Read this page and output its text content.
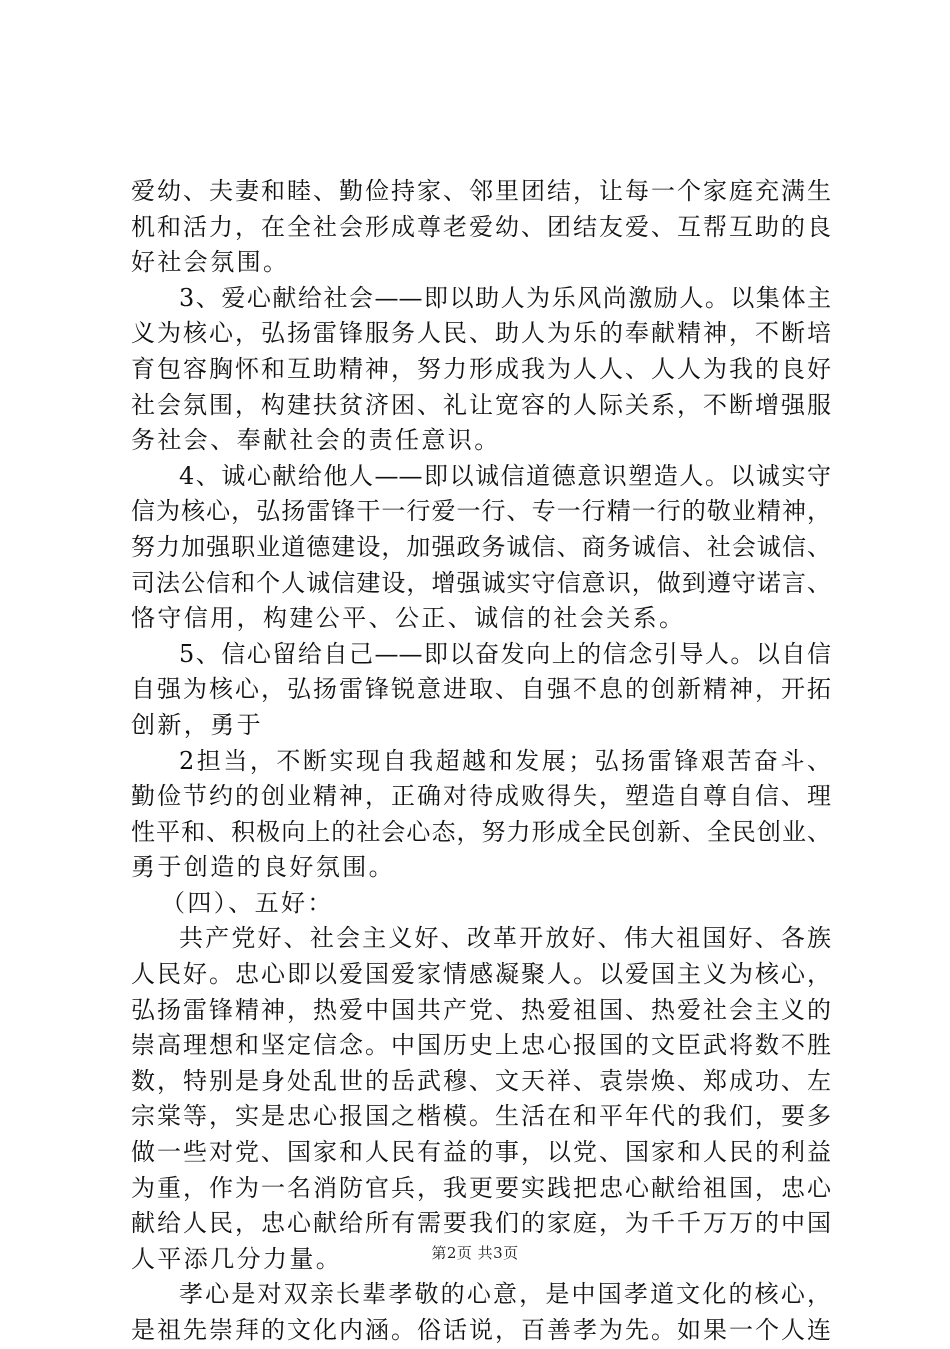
爱幼、夫妻和睦、勤俭持家、邻里团结，让每一个家庭充满生
机和活力，在全社会形成尊老爱幼、团结友爱、互帮互助的良
好社会氛围。
3、爱心献给社会——即以助人为乐风尚激励人。以集体主
义为核心，弘扬雷锋服务人民、助人为乐的奉献精神，不断培
育包容胸怀和互助精神，努力形成我为人人、人人为我的良好
社会氛围，构建扶贫济困、礼让宽容的人际关系，不断增强服
务社会、奉献社会的责任意识。
4、诚心献给他人——即以诚信道德意识塑造人。以诚实守
信为核心，弘扬雷锋干一行爱一行、专一行精一行的敬业精神，
努力加强职业道德建设，加强政务诚信、商务诚信、社会诚信、
司法公信和个人诚信建设，增强诚实守信意识，做到遵守诺言、
恪守信用，构建公平、公正、诚信的社会关系。
5、信心留给自己——即以奋发向上的信念引导人。以自信
自强为核心，弘扬雷锋锐意进取、自强不息的创新精神，开拓
创新，勇于
2担当，不断实现自我超越和发展；弘扬雷锋艰苦奋斗、
勤俭节约的创业精神，正确对待成败得失，塑造自尊自信、理
性平和、积极向上的社会心态，努力形成全民创新、全民创业、
勇于创造的良好氛围。
（四）、五好：
共产党好、社会主义好、改革开放好、伟大祖国好、各族
人民好。忠心即以爱国爱家情感凝聚人。以爱国主义为核心，
弘扬雷锋精神，热爱中国共产党、热爱祖国、热爱社会主义的
崇高理想和坚定信念。中国历史上忠心报国的文臣武将数不胜
数，特别是身处乱世的岳武穆、文天祥、袁崇焕、郑成功、左
宗棠等，实是忠心报国之楷模。生活在和平年代的我们，要多
做一些对党、国家和人民有益的事，以党、国家和人民的利益
为重，作为一名消防官兵，我更要实践把忠心献给祖国，忠心
献给人民，忠心献给所有需要我们的家庭，为千千万万的中国
人平添几分力量。
孝心是对双亲长辈孝敬的心意，是中国孝道文化的核心，
是祖先崇拜的文化内涵。俗话说，百善孝为先。如果一个人连
第2页 共3页
